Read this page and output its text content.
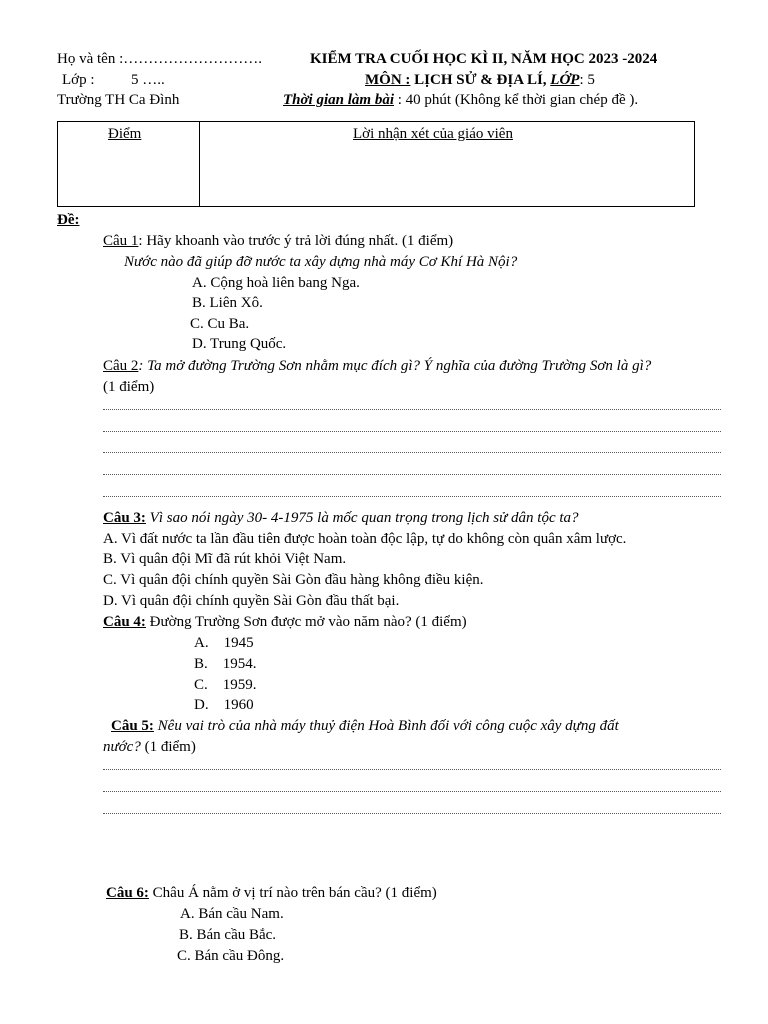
Họ và tên :……………………….	KIỂM TRA CUỐI HỌC KÌ II, NĂM HỌC 2023 -2024
Lớp : 5 …..	MÔN : LỊCH SỬ & ĐỊA LÍ, LỚP: 5
Trường TH Ca Đình	Thời gian làm bài : 40 phút (Không kể thời gian chép đề ).
Điểm	Lời nhận xét của giáo viên
Đề:
Câu 1: Hãy khoanh vào trước ý trả lời đúng nhất. (1 điểm)
Nước nào đã giúp đỡ nước ta xây dựng nhà máy Cơ Khí Hà Nội?
A. Cộng hoà liên bang Nga.
B. Liên Xô.
C. Cu Ba.
D. Trung Quốc.
Câu 2: Ta mở đường Trường Sơn nhằm mục đích gì? Ý nghĩa của đường Trường Sơn là gì?
(1 điểm)
Câu 3: Vì sao nói ngày 30- 4-1975 là mốc quan trọng trong lịch sử dân tộc ta?
A. Vì đất nước ta lần đầu tiên được hoàn toàn độc lập, tự do không còn quân xâm lược.
B. Vì quân đội Mĩ đã rút khỏi Việt Nam.
C. Vì quân đội chính quyền Sài Gòn đầu hàng không điều kiện.
D. Vì quân đội chính quyền Sài Gòn đầu thất bại.
Câu 4: Đường Trường Sơn được mở vào năm nào? (1 điểm)
A.    1945
B.    1954.
C.    1959.
D.    1960
Câu 5: Nêu vai trò của nhà máy thuỷ điện Hoà Bình đối với công cuộc xây dựng đất
nước? (1 điểm)
Câu 6: Châu Á nằm ở vị trí nào trên bán cầu? (1 điểm)
A. Bán cầu Nam.
B. Bán cầu Bắc.
C. Bán cầu Đông.
